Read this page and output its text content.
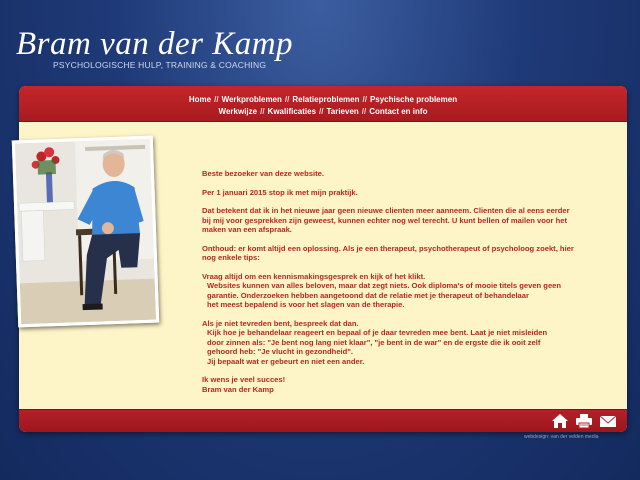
Bram van der Kamp
PSYCHOLOGISCHE HULP, TRAINING & COACHING
Home // Werkproblemen // Relatieproblemen // Psychische problemen
Werkwijze // Kwalificaties // Tarieven // Contact en info

Beste bezoeker van deze website.

Per 1 januari 2015 stop ik met mijn praktijk.

Dat betekent dat ik in het nieuwe jaar geen nieuwe clienten meer aanneem. Clienten die al eens eerder
bij mij voor gesprekken zijn geweest, kunnen echter nog wel terecht. U kunt bellen of mailen voor het
maken van een afspraak.

Onthoud: er komt altijd een oplossing. Als je een therapeut, psychotherapeut of psycholoog zoekt, hier
nog enkele tips:

Vraag altijd om een kennismakingsgesprek en kijk of het klikt.
Websites kunnen van alles beloven, maar dat zegt niets. Ook diploma's of mooie titels geven geen
garantie. Onderzoeken hebben aangetoond dat de relatie met je therapeut of behandelaar
het meest bepalend is voor het slagen van de therapie.

Als je niet tevreden bent, bespreek dat dan.
Kijk hoe je behandelaar reageert en bepaal of je daar tevreden mee bent. Laat je niet misleiden
door zinnen als: "Je bent nog lang niet klaar", "je bent in de war" en de ergste die ik ooit zelf
gehoord heb: "Je vlucht in gezondheid".
Jij bepaalt wat er gebeurt en niet een ander.

Ik wens je veel succes!
Bram van der Kamp

webdesign: van der velden media
